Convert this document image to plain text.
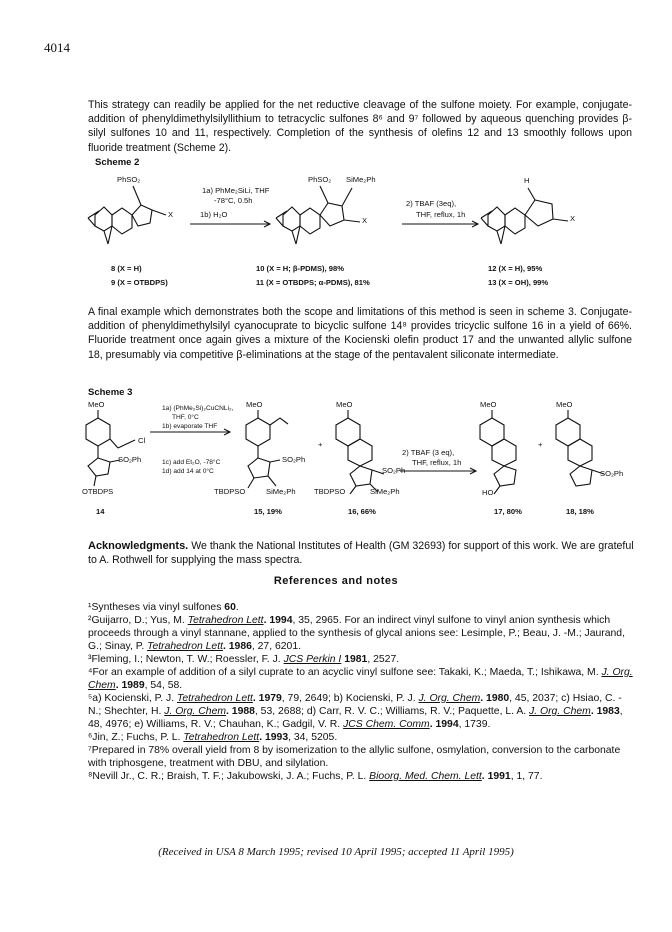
4014
This strategy can readily be applied for the net reductive cleavage of the sulfone moiety. For example, conjugate-addition of phenyldimethylsilyllithium to tetracyclic sulfones 8⁶ and 9⁷ followed by aqueous quenching provides β-silyl sulfones 10 and 11, respectively. Completion of the synthesis of olefins 12 and 13 smoothly follows upon fluoride treatment (Scheme 2).
Scheme 2
PhSO₂
X
1a) PhMe₂SiLi, THF
-78°C, 0.5h
1b) H₂O
PhSO₂ SiMe₂Ph
X
2) TBAF (3eq),
THF, reflux, 1h
H
X
8 (X = H)
9 (X = OTBDPS)
10 (X = H; β-PDMS), 98%
11 (X = OTBDPS; α-PDMS), 81%
12 (X = H), 95%
13 (X = OH), 99%
A final example which demonstrates both the scope and limitations of this method is seen in scheme 3. Conjugate-addition of phenyldimethylsilyl cyanocuprate to bicyclic sulfone 14⁸ provides tricyclic sulfone 16 in a yield of 66%. Fluoride treatment once again gives a mixture of the Kocienski olefin product 17 and the unwanted allylic sulfone 18, presumably via competitive β-eliminations at the stage of the pentavalent siliconate intermediate.
Scheme 3
MeO
Cl
SO₂Ph
OTBDPS
14
1a) (PhMe₂Si)₂CuCNLi₂,
THF, 0°C
1b) evaporate THF
1c) add Et₂O, -78°C
1d) add 14 at 0°C
MeO
SO₂Ph
TBDPSO	SiMe₂Ph
15, 19%
+
MeO
SO₂Ph
TBDPSO	SiMe₂Ph
16, 66%
2) TBAF (3 eq),
THF, reflux, 1h
MeO
HO
17, 80%
+
MeO
SO₂Ph
18, 18%
Acknowledgments. We thank the National Institutes of Health (GM 32693) for support of this work. We are grateful to A. Rothwell for supplying the mass spectra.
References and notes

¹Syntheses via vinyl sulfones 60.

²Guijarro, D.; Yus, M. Tetrahedron Lett. 1994, 35, 2965. For an indirect vinyl sulfone to vinyl anion synthesis which proceeds through a vinyl stannane, applied to the synthesis of glycal anions see: Lesimple, P.; Beau, J. -M.; Jaurand, G.; Sinay, P. Tetrahedron Lett. 1986, 27, 6201.

³Fleming, I.; Newton, T. W.; Roessler, F. J. JCS Perkin I 1981, 2527.

⁴For an example of addition of a silyl cuprate to an acyclic vinyl sulfone see: Takaki, K.; Maeda, T.; Ishikawa, M. J. Org. Chem. 1989, 54, 58.

⁵a) Kocienski, P. J. Tetrahedron Lett. 1979, 79, 2649; b) Kocienski, P. J. J. Org. Chem. 1980, 45, 2037; c) Hsiao, C. -N.; Shechter, H. J. Org. Chem. 1988, 53, 2688; d) Carr, R. V. C.; Williams, R. V.; Paquette, L. A. J. Org. Chem. 1983, 48, 4976; e) Williams, R. V.; Chauhan, K.; Gadgil, V. R. JCS Chem. Comm. 1994, 1739.

⁶Jin, Z.; Fuchs, P. L. Tetrahedron Lett. 1993, 34, 5205.

⁷Prepared in 78% overall yield from 8 by isomerization to the allylic sulfone, osmylation, conversion to the carbonate with triphosgene, treatment with DBU, and silylation.

⁸Nevill Jr., C. R.; Braish, T. F.; Jakubowski, J. A.; Fuchs, P. L. Bioorg. Med. Chem. Lett. 1991, 1, 77.

(Received in USA 8 March 1995; revised 10 April 1995; accepted 11 April 1995)
